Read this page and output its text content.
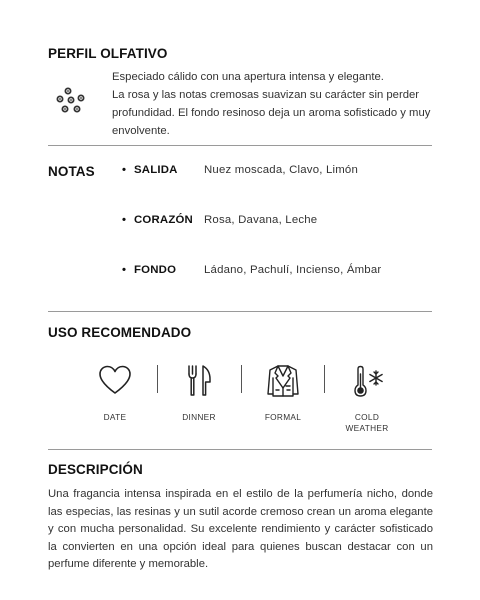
PERFIL OLFATIVO
Especiado cálido con una apertura intensa y elegante.
La rosa y las notas cremosas suavizan su carácter sin perder profundidad. El fondo resinoso deja un aroma sofisticado y muy envolvente.
NOTAS • SALIDA Nuez moscada, Clavo, Limón
• CORAZÓN Rosa, Davana, Leche
• FONDO Ládano, Pachulí, Incienso, Ámbar
USO RECOMENDADO
DATE	DINNER	FORMAL	COLD WEATHER
DESCRIPCIÓN
Una fragancia intensa inspirada en el estilo de la perfumería nicho, donde las especias, las resinas y un sutil acorde cremoso crean un aroma elegante y con mucha personalidad. Su excelente rendimiento y carácter sofisticado la convierten en una opción ideal para quienes buscan destacar con un perfume diferente y memorable.
